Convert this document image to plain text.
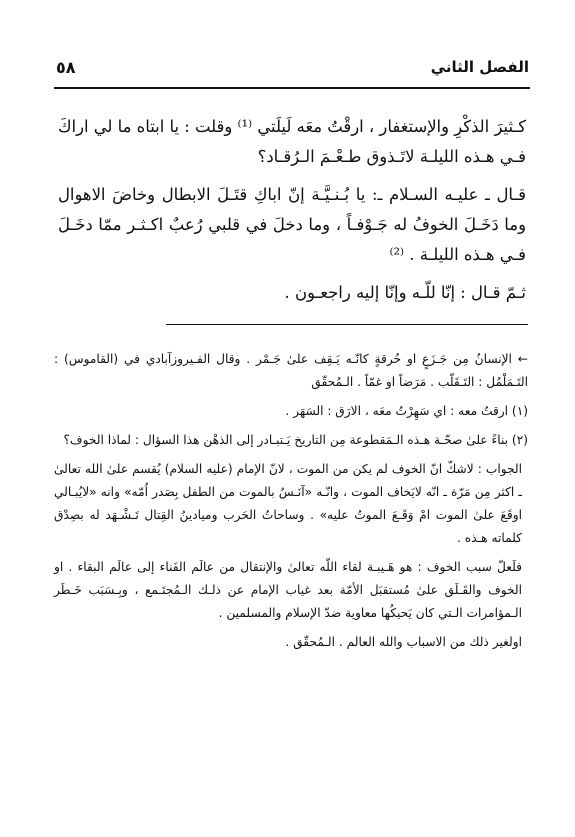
٥٨	الفصل الثاني

كـثيرَ الذكْرِ والإستغفار ، ارقْتُ معَه لَيلَتي ⁽¹⁾ وقلت : يا ابتاه ما لي اراكَ فـي هـذه الليلـة لاتَـذوق طـعْـمَ الـرُقـاد؟

قـال ـ عليـه السـلام ـ: يا بُـنـيَّـة إنّ اباكِ قتَـلَ الابطال وخاضَ الاهوال وما دَخَـلَ الخوفُ له جَـوْفـاً ، وما دخلَ في قلبي رُعبٌ اكـثـر ممّا دخَـلَ فـي هـذه الليلـة . ⁽²⁾

ثـمّ قـال : إنّا للّـه وإنّا إليه راجعـون .

← الإنسانُ مِن جَـزَعٍ او حُرقةٍ كانّـه يَـقِف علىٰ جَـمْر . وقال الفـيروزآبادي في (القاموس) : التَـمَلْمُل : التَـقَلّب . مَرَضاً او غمّاً . الـمُحقّق

(١) ارقتُ معه : اي سَهِرْتُ معَه ، الارَق : السَهَر .

(٢) بناءً علىٰ صحّـة هـذه الـمَقطوعة مِن التاريخ يَـتبـادر إلى الذهْن هذا السؤال : لماذا الخوف؟

الجواب : لاشكّ انّ الخوف لم يكن من الموت ، لانّ الإمام (عليه السلام) يُقسم علىٰ الله تعالىٰ ـ اكثر مِن مَرّة ـ انّه لايَخاف الموت ، وانّـه «آنَـسُ بالموت من الطفل بِصَدر اُمّه» وانه «لايُبـالي اوقَعَ علىٰ الموت امْ وَقَـعَ الموتُ عليه» . وساحاتُ الحَرب وميادينُ القِتال تَـشْـهَد له بصِدْق كلماته هـذه .

فلَعلّ سبب الخوف : هو هَـيبـة لقاء اللّه تعالىٰ والإنتقال من عالَم الفَناء إلى عالَم البقاء . او الخوف والقَـلَق علىٰ مُستقبَل الأمّة بعد غياب الإمام عن ذلـك الـمُجتَـمع ، وبِـسَبَب خَـطَر الـمؤامرات الـتي كان يَحيكُها معاوية ضدّ الإسلام والمسلمين .

اولغير ذلك من الاسباب والله العالم . الـمُحقّق .
